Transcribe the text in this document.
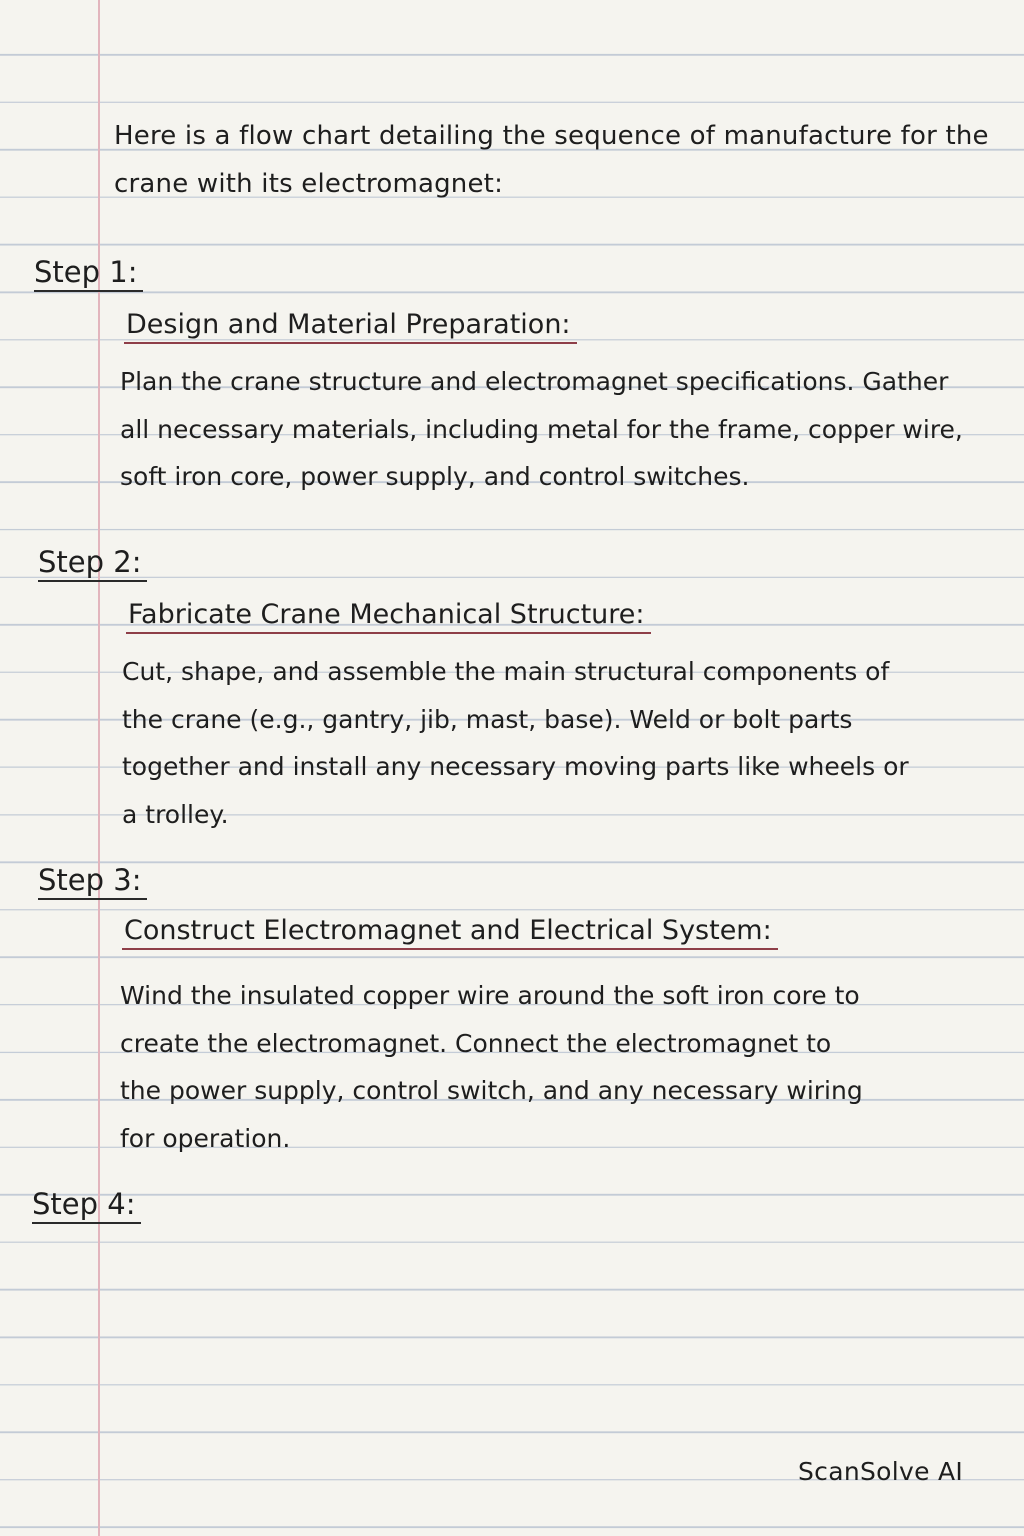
Here is a flow chart detailing the sequence of manufacture for the crane with its electromagnet:
Step 1:
Design and Material Preparation:
Plan the crane structure and electromagnet specifications. Gather all necessary materials, including metal for the frame, copper wire, soft iron core, power supply, and control switches.
Step 2:
Fabricate Crane Mechanical Structure:
Cut, shape, and assemble the main structural components of the crane (e.g., gantry, jib, mast, base). Weld or bolt parts together and install any necessary moving parts like wheels or a trolley.
Step 3:
Construct Electromagnet and Electrical System:
Wind the insulated copper wire around the soft iron core to create the electromagnet. Connect the electromagnet to the power supply, control switch, and any necessary wiring for operation.
Step 4:
ScanSolve AI
